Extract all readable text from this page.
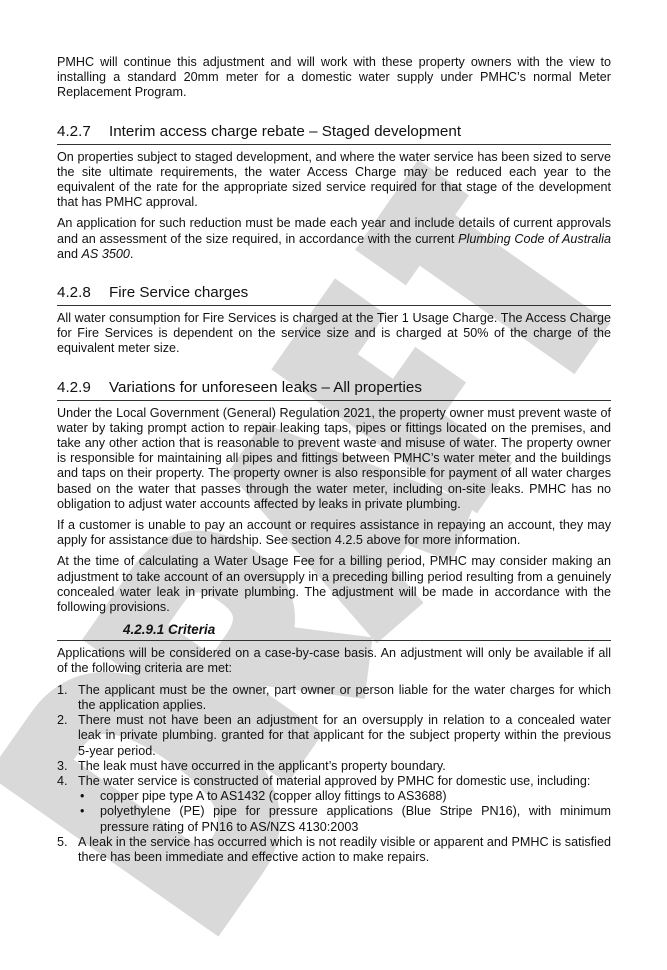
PMHC will continue this adjustment and will work with these property owners with the view to installing a standard 20mm meter for a domestic water supply under PMHC’s normal Meter Replacement Program.

4.2.7 Interim access charge rebate – Staged development

On properties subject to staged development, and where the water service has been sized to serve the site ultimate requirements, the water Access Charge may be reduced each year to the equivalent of the rate for the appropriate sized service required for that stage of the development that has PMHC approval.

An application for such reduction must be made each year and include details of current approvals and an assessment of the size required, in accordance with the current Plumbing Code of Australia and AS 3500.

4.2.8 Fire Service charges

All water consumption for Fire Services is charged at the Tier 1 Usage Charge. The Access Charge for Fire Services is dependent on the service size and is charged at 50% of the charge of the equivalent meter size.

4.2.9 Variations for unforeseen leaks – All properties

Under the Local Government (General) Regulation 2021, the property owner must prevent waste of water by taking prompt action to repair leaking taps, pipes or fittings located on the premises, and take any other action that is reasonable to prevent waste and misuse of water. The property owner is responsible for maintaining all pipes and fittings between PMHC’s water meter and the buildings and taps on their property. The property owner is also responsible for payment of all water charges based on the water that passes through the water meter, including on-site leaks. PMHC has no obligation to adjust water accounts affected by leaks in private plumbing.

If a customer is unable to pay an account or requires assistance in repaying an account, they may apply for assistance due to hardship. See section 4.2.5 above for more information.

At the time of calculating a Water Usage Fee for a billing period, PMHC may consider making an adjustment to take account of an oversupply in a preceding billing period resulting from a genuinely concealed water leak in private plumbing. The adjustment will be made in accordance with the following provisions.

4.2.9.1 Criteria

Applications will be considered on a case-by-case basis. An adjustment will only be available if all of the following criteria are met:

1. The applicant must be the owner, part owner or person liable for the water charges for which the application applies.
2. There must not have been an adjustment for an oversupply in relation to a concealed water leak in private plumbing. granted for that applicant for the subject property within the previous 5-year period.
3. The leak must have occurred in the applicant’s property boundary.
4. The water service is constructed of material approved by PMHC for domestic use, including:
• copper pipe type A to AS1432 (copper alloy fittings to AS3688)
• polyethylene (PE) pipe for pressure applications (Blue Stripe PN16), with minimum pressure rating of PN16 to AS/NZS 4130:2003
5. A leak in the service has occurred which is not readily visible or apparent and PMHC is satisfied there has been immediate and effective action to make repairs.
